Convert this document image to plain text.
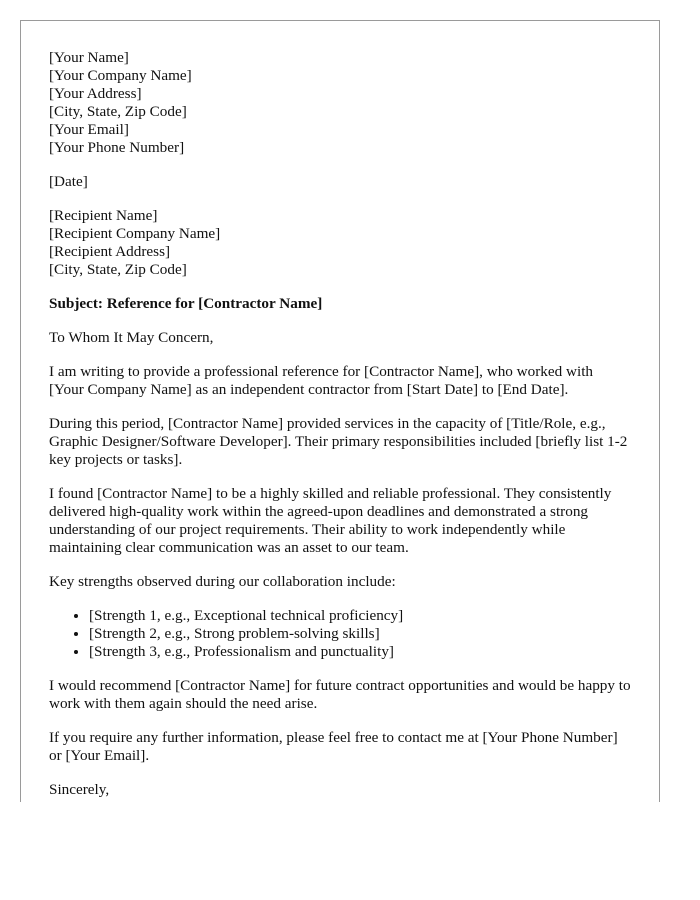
[Your Name]
[Your Company Name]
[Your Address]
[City, State, Zip Code]
[Your Email]
[Your Phone Number]

[Date]

[Recipient Name]
[Recipient Company Name]
[Recipient Address]
[City, State, Zip Code]

Subject: Reference for [Contractor Name]

To Whom It May Concern,

I am writing to provide a professional reference for [Contractor Name], who worked with [Your Company Name] as an independent contractor from [Start Date] to [End Date].

During this period, [Contractor Name] provided services in the capacity of [Title/Role, e.g., Graphic Designer/Software Developer]. Their primary responsibilities included [briefly list 1-2 key projects or tasks].

I found [Contractor Name] to be a highly skilled and reliable professional. They consistently delivered high-quality work within the agreed-upon deadlines and demonstrated a strong understanding of our project requirements. Their ability to work independently while maintaining clear communication was an asset to our team.

Key strengths observed during our collaboration include:

• [Strength 1, e.g., Exceptional technical proficiency]
• [Strength 2, e.g., Strong problem-solving skills]
• [Strength 3, e.g., Professionalism and punctuality]

I would recommend [Contractor Name] for future contract opportunities and would be happy to work with them again should the need arise.

If you require any further information, please feel free to contact me at [Your Phone Number] or [Your Email].

Sincerely,
